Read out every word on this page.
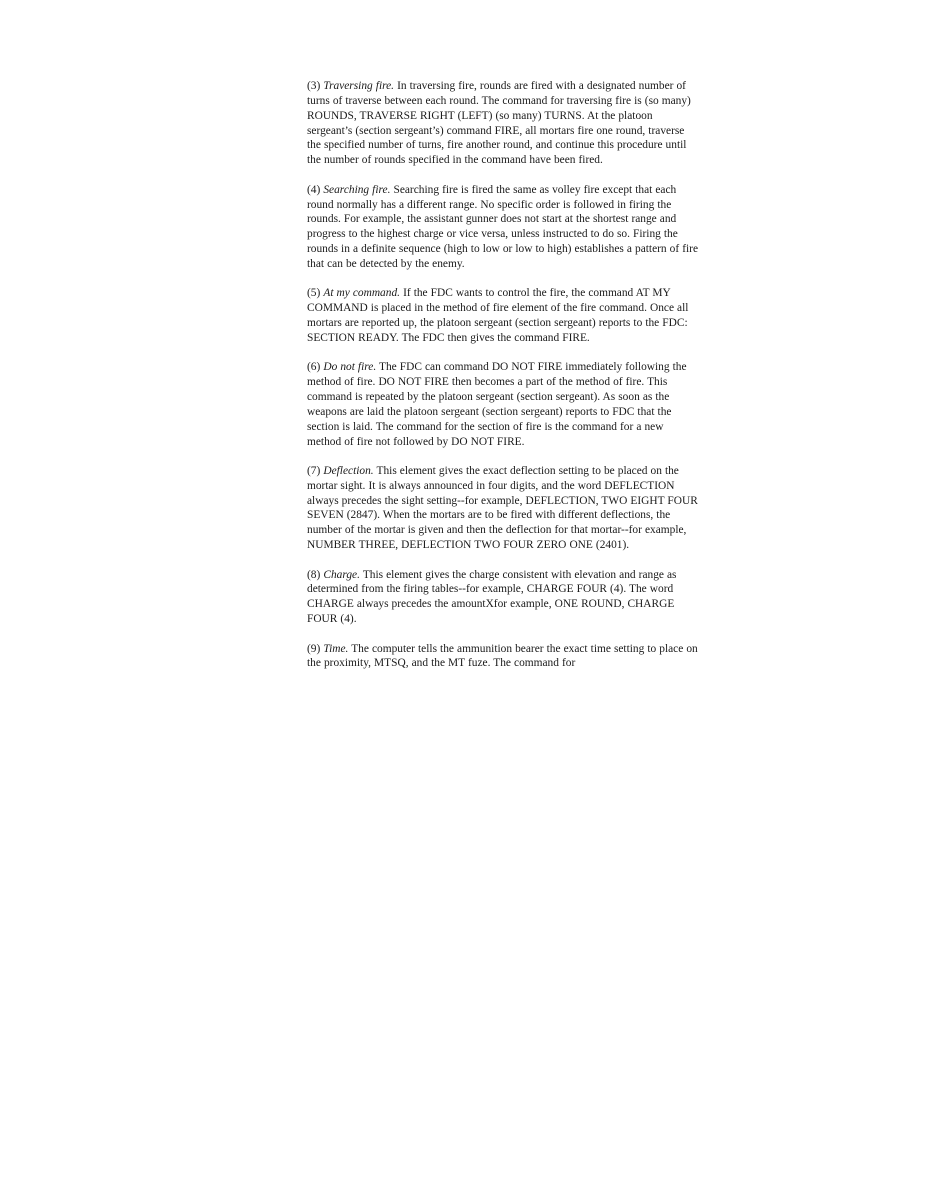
(3) Traversing fire. In traversing fire, rounds are fired with a designated number of turns of traverse between each round. The command for traversing fire is (so many) ROUNDS, TRAVERSE RIGHT (LEFT) (so many) TURNS. At the platoon sergeant’s (section sergeant’s) command FIRE, all mortars fire one round, traverse the specified number of turns, fire another round, and continue this procedure until the number of rounds specified in the command have been fired.

(4) Searching fire. Searching fire is fired the same as volley fire except that each round normally has a different range. No specific order is followed in firing the rounds. For example, the assistant gunner does not start at the shortest range and progress to the highest charge or vice versa, unless instructed to do so. Firing the rounds in a definite sequence (high to low or low to high) establishes a pattern of fire that can be detected by the enemy.

(5) At my command. If the FDC wants to control the fire, the command AT MY COMMAND is placed in the method of fire element of the fire command. Once all mortars are reported up, the platoon sergeant (section sergeant) reports to the FDC: SECTION READY. The FDC then gives the command FIRE.

(6) Do not fire. The FDC can command DO NOT FIRE immediately following the method of fire. DO NOT FIRE then becomes a part of the method of fire. This command is repeated by the platoon sergeant (section sergeant). As soon as the weapons are laid the platoon sergeant (section sergeant) reports to FDC that the section is laid. The command for the section of fire is the command for a new method of fire not followed by DO NOT FIRE.

(7) Deflection. This element gives the exact deflection setting to be placed on the mortar sight. It is always announced in four digits, and the word DEFLECTION always precedes the sight setting--for example, DEFLECTION, TWO EIGHT FOUR SEVEN (2847). When the mortars are to be fired with different deflections, the number of the mortar is given and then the deflection for that mortar--for example, NUMBER THREE, DEFLECTION TWO FOUR ZERO ONE (2401).

(8) Charge. This element gives the charge consistent with elevation and range as determined from the firing tables--for example, CHARGE FOUR (4). The word CHARGE always precedes the amountXfor example, ONE ROUND, CHARGE FOUR (4).

(9) Time. The computer tells the ammunition bearer the exact time setting to place on the proximity, MTSQ, and the MT fuze. The command for
